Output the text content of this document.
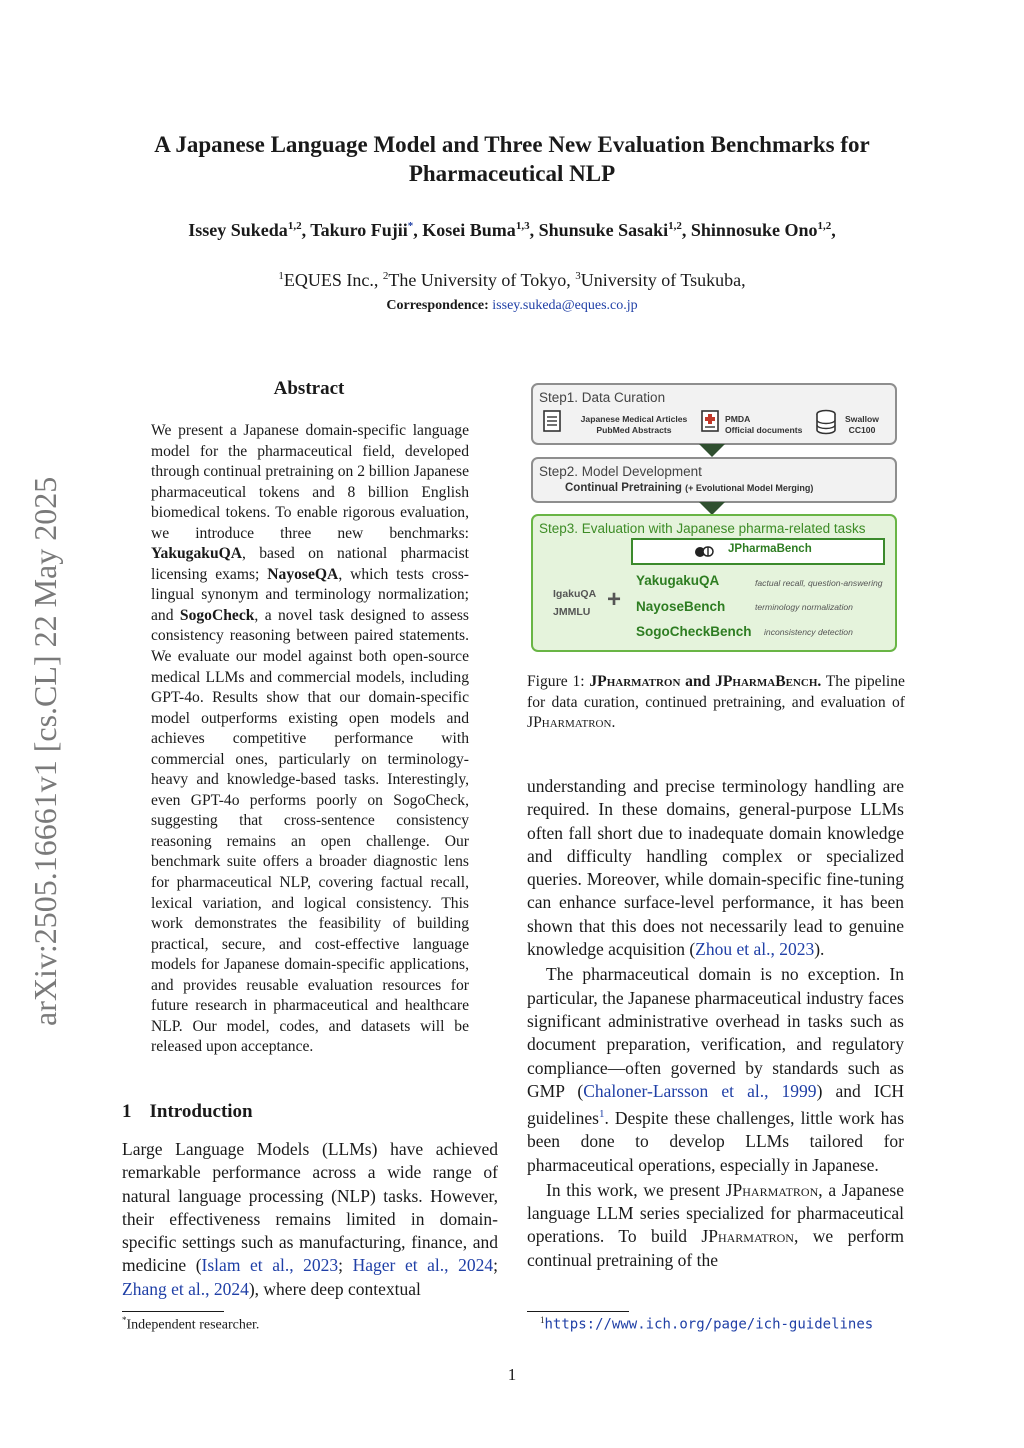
A Japanese Language Model and Three New Evaluation Benchmarks for
Pharmaceutical NLP
Issey Sukeda$^{1,2}$, Takuro Fujii*, Kosei Buma$^{1,3}$, Shunsuke Sasaki$^{1,2}$, Shinnosuke Ono$^{1,2}$,
$^1$EQUES Inc., $^2$The University of Tokyo, $^3$University of Tsukuba,
Correspondence: issey.sukeda@eques.co.jp
arXiv:2505.16661v1 [cs.CL] 22 May 2025
Abstract
We present a Japanese domain-specific language model for the pharmaceutical field, developed through continual pretraining on 2 billion Japanese pharmaceutical tokens and 8 billion English biomedical tokens. To enable rigorous evaluation, we introduce three new benchmarks: YakugakuQA, based on national pharmacist licensing exams; NayoseQA, which tests cross-lingual synonym and terminology normalization; and SogoCheck, a novel task designed to assess consistency reasoning between paired statements. We evaluate our model against both open-source medical LLMs and commercial models, including GPT-4o. Results show that our domain-specific model outperforms existing open models and achieves competitive performance with commercial ones, particularly on terminology-heavy and knowledge-based tasks. Interestingly, even GPT-4o performs poorly on SogoCheck, suggesting that cross-sentence consistency reasoning remains an open challenge. Our benchmark suite offers a broader diagnostic lens for pharmaceutical NLP, covering factual recall, lexical variation, and logical consistency. This work demonstrates the feasibility of building practical, secure, and cost-effective language models for Japanese domain-specific applications, and provides reusable evaluation resources for future research in pharmaceutical and healthcare NLP. Our model, codes, and datasets will be released upon acceptance.
1 Introduction
Large Language Models (LLMs) have achieved remarkable performance across a wide range of natural language processing (NLP) tasks. However, their effectiveness remains limited in domain-specific settings such as manufacturing, finance, and medicine (Islam et al., 2023; Hager et al., 2024; Zhang et al., 2024), where deep contextual
Step1. Data Curation
Japanese Medical Articles
PubMed Abstracts
PMDA
Official documents
Swallow
CC100
Step2. Model Development
Continual Pretraining (+ Evolutional Model Merging)
Step3. Evaluation with Japanese pharma-related tasks
IgakuQA
JMMLU +
YakugakuQA	factual recall, question-answering
NayoseBench	terminology normalization
SogoCheckBench inconsistency detection
JPharmaBench
Figure 1: JPharmatron and JPharmaBench. The pipeline for data curation, continued pretraining, and evaluation of JPharmatron.

understanding and precise terminology handling are required. In these domains, general-purpose LLMs often fall short due to inadequate domain knowledge and difficulty handling complex or specialized queries. Moreover, while domain-specific fine-tuning can enhance surface-level performance, it has been shown that this does not necessarily lead to genuine knowledge acquisition (Zhou et al., 2023).

The pharmaceutical domain is no exception. In particular, the Japanese pharmaceutical industry faces significant administrative overhead in tasks such as document preparation, verification, and regulatory compliance—often governed by standards such as GMP (Chaloner-Larsson et al., 1999) and ICH guidelines$^1$. Despite these challenges, little work has been done to develop LLMs tailored for pharmaceutical operations, especially in Japanese.

In this work, we present JPharmatron, a Japanese language LLM series specialized for pharmaceutical operations. To build JPharmatron, we perform continual pretraining of the

*Independent researcher.	$^1$https://www.ich.org/page/ich-guidelines
1
